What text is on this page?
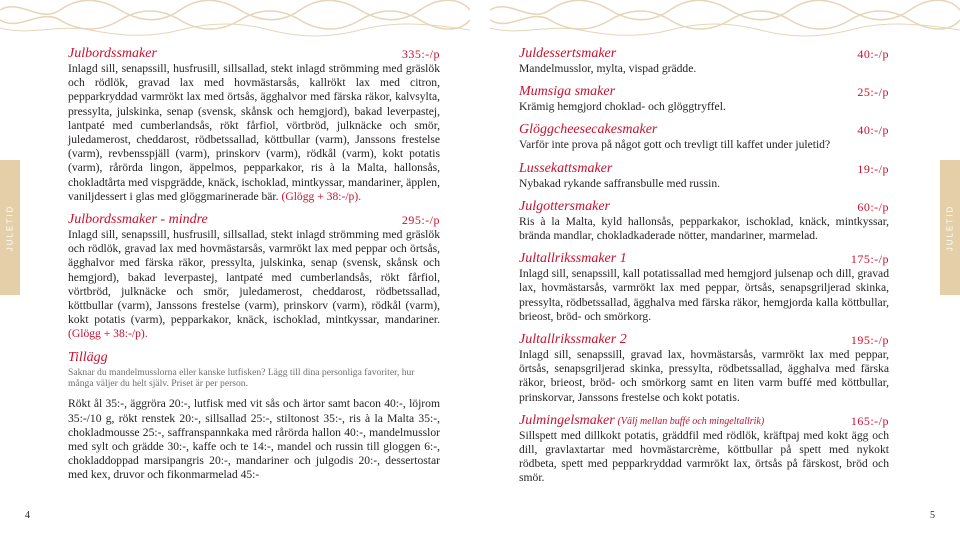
JULETID	JULETID
Julbordssmaker	335:-/p
Inlagd sill, senapssill, husfrusill, sillsallad, stekt inlagd strömming med gräslök och rödlök, gravad lax med hovmästarsås, kallrökt lax med citron, pepparkryddad varmrökt lax med örtsås, ägghalvor med färska räkor, kalvsylta, pressylta, julskinka, senap (svensk, skånsk och hemgjord), bakad leverpastej, lantpaté med cumberlandsås, rökt fårfiol, vörtbröd, julknäcke och smör, juledamerost, cheddarost, rödbetssallad, köttbullar (varm), Janssons frestelse (varm), revbensspjäll (varm), prinskorv (varm), rödkål (varm), kokt potatis (varm), rårörda lingon, äppelmos, pepparkakor, ris à la Malta, hallonsås, chokladtårta med vispgrädde, knäck, ischoklad, mintkyssar, mandariner, äpplen, vaniljdessert i glas med glöggmarinerade bär. (Glögg + 38:-/p).
Julbordssmaker - mindre	295:-/p
Inlagd sill, senapssill, husfrusill, sillsallad, stekt inlagd strömming med gräslök och rödlök, gravad lax med hovmästarsås, varmrökt lax med peppar och örtsås, ägghalvor med färska räkor, pressylta, julskinka, senap (svensk, skånsk och hemgjord), bakad leverpastej, lantpaté med cumberlandsås, rökt fårfiol, vörtbröd, julknäcke och smör, juledamerost, cheddarost, rödbetssallad, köttbullar (varm), Janssons frestelse (varm), prinskorv (varm), rödkål (varm), kokt potatis (varm), pepparkakor, knäck, ischoklad, mintkyssar, mandariner. (Glögg + 38:-/p).
Tillägg
Saknar du mandelmusslorna eller kanske lutfisken? Lägg till dina personliga favoriter, hur många väljer du helt själv. Priset är per person.
Rökt ål 35:-, äggröra 20:-, lutfisk med vit sås och ärtor samt bacon 40:-, löjrom 35:-/10 g, rökt renstek 20:-, sillsallad 25:-, stiltonost 35:-, ris à la Malta 35:-, chokladmousse 25:-, saffranspannkaka med rårörda hallon 40:-, mandelmusslor med sylt och grädde 30:-, kaffe och te 14:-, mandel och russin till gloggen 6:-, chokladdoppad marsipangris 20:-, mandariner och julgodis 20:-, dessertostar med kex, druvor och fikonmarmelad 45:-
Juldessertsmaker	40:-/p
Mandelmusslor, mylta, vispad grädde.
Mumsiga smaker	25:-/p
Krämig hemgjord choklad- och glöggtryffel.
Glöggcheesecakesmaker	40:-/p
Varför inte prova på något gott och trevligt till kaffet under juletid?
Lussekattsmaker	19:-/p
Nybakad rykande saffransbulle med russin.
Julgottersmaker	60:-/p
Ris à la Malta, kyld hallonsås, pepparkakor, ischoklad, knäck, mintkyssar, brända mandlar, chokladkaderade nötter, mandariner, marmelad.
Jultallrikssmaker 1	175:-/p
Inlagd sill, senapssill, kall potatissallad med hemgjord julsenap och dill, gravad lax, hovmästarsås, varmrökt lax med peppar, örtsås, senapsgriljerad skinka, pressylta, rödbetssallad, ägghalva med färska räkor, hemgjorda kalla köttbullar, brieost, bröd- och smörkorg.
Jultallrikssmaker 2	195:-/p
Inlagd sill, senapssill, gravad lax, hovmästarsås, varmrökt lax med peppar, örtsås, senapsgriljerad skinka, pressylta, rödbetssallad, ägghalva med färska räkor, brieost, bröd- och smörkorg samt en liten varm buffé med köttbullar, prinskorvar, Janssons frestelse och kokt potatis.
Julmingelsmaker (Välj mellan buffé och mingeltallrik)	165:-/p
Sillspett med dillkokt potatis, gräddfil med rödlök, kräftpaj med kokt ägg och dill, gravlaxtartar med hovmästarcrème, köttbullar på spett med nykokt rödbeta, spett med pepparkryddad varmrökt lax, örtsås på färskost, bröd och smör.
4	5
